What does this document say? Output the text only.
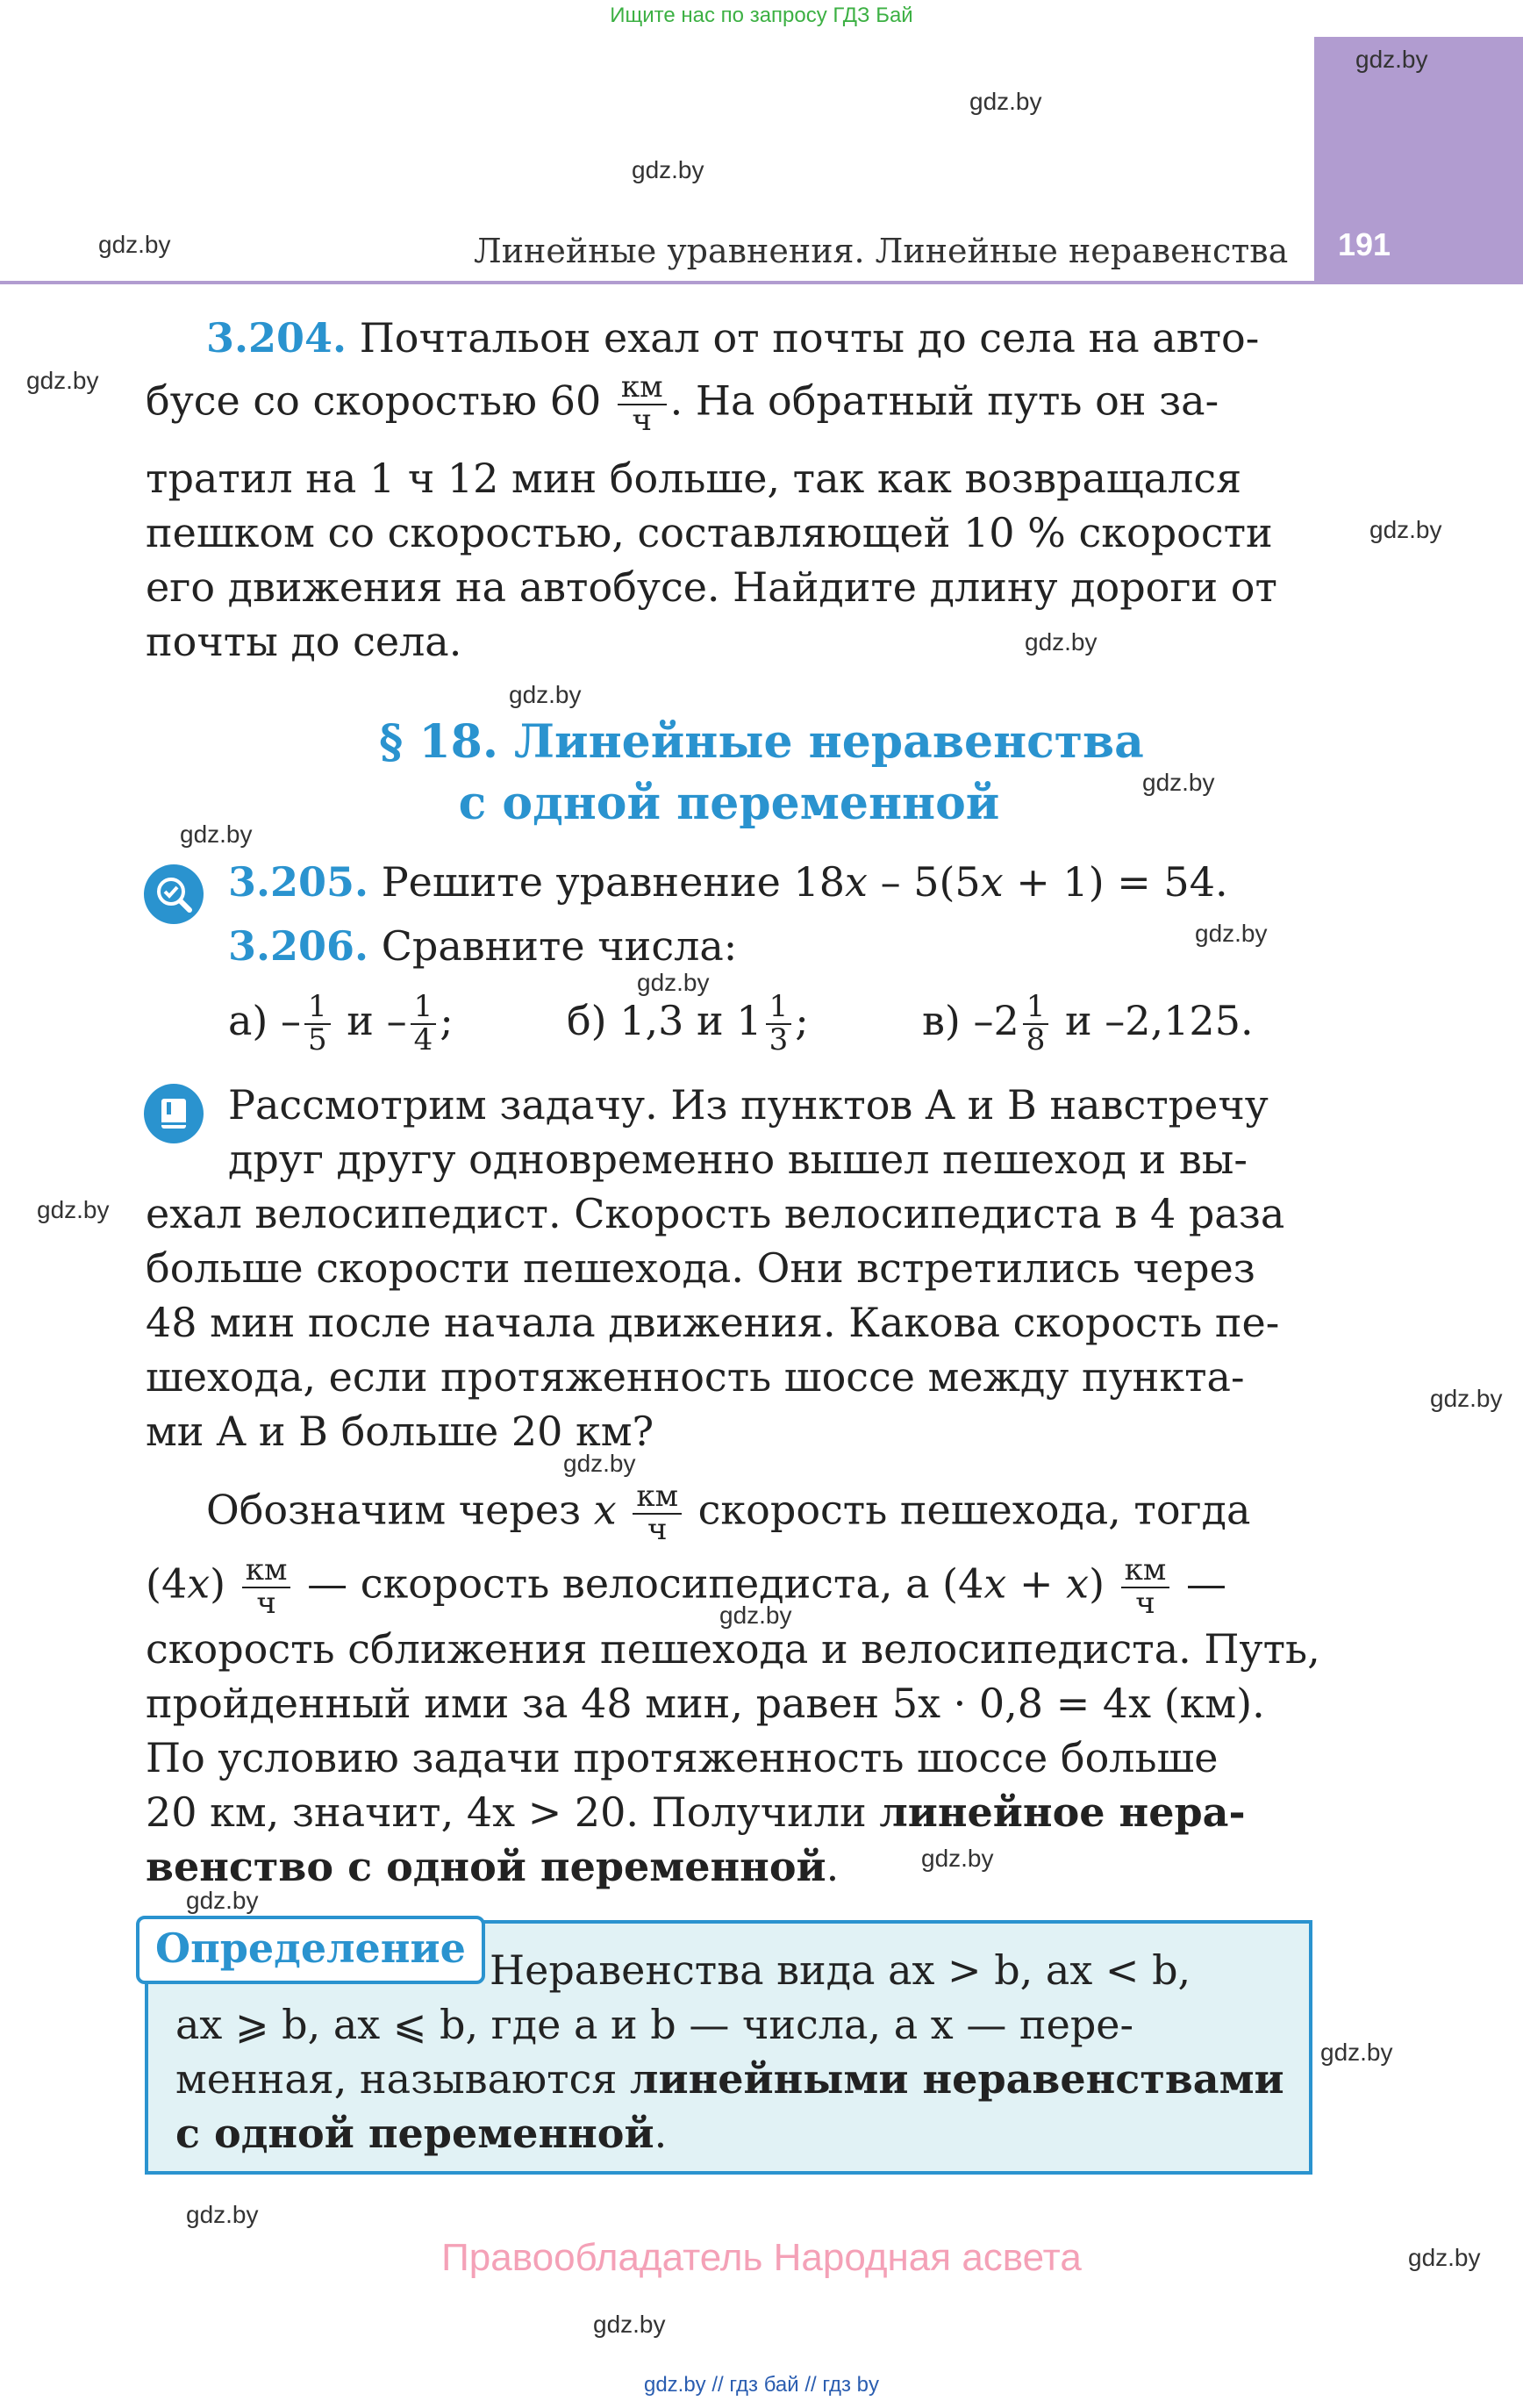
Ищите нас по запросу ГДЗ Бай
191
Линейные уравнения. Линейные неравенства
gdz.by
gdz.by
gdz.by
gdz.by
gdz.by
gdz.by
gdz.by
gdz.by
gdz.by
gdz.by
gdz.by
gdz.by
gdz.by
gdz.by
gdz.by
gdz.by
gdz.by
gdz.by
gdz.by
gdz.by
gdz.by
gdz.by
3.204. Почтальон ехал от почты до села на авто-
бусе со скоростью $60 \frac{км}{ч}$ . На обратный путь он за-
тратил на 1 ч 12 мин больше, так как возвращался
пешком со скоростью, составляющей 10 % скорости
его движения на автобусе. Найдите длину дороги от
почты до села.
§ 18. Линейные неравенства
с одной переменной
3.205. Решите уравнение 18x – 5(5x + 1) = 54.
3.206. Сравните числа:
$а) - \frac{1}{5}$ и – $\frac{1}{4}$ ;	б) 1,3 и $1 \frac{1}{3}$ ;	в) $-2 \frac{1}{8}$ и –2,125.
Рассмотрим задачу. Из пунктов A и B навстречу
друг другу одновременно вышел пешеход и вы-
ехал велосипедист. Скорость велосипедиста в 4 раза
больше скорости пешехода. Они встретились через
48 мин после начала движения. Какова скорость пе-
шехода, если протяженность шоссе между пункта-
ми A и B больше 20 км?
Обозначим через x $\frac{км}{ч}$ скорость пешехода, тогда
$(4x) \frac{км}{ч}$ — скорость велосипедиста, а $(4x + x) \frac{км}{ч}$ —
скорость сближения пешехода и велосипедиста. Путь,
пройденный ими за 48 мин, равен 5x · 0,8 = 4x (км).
По условию задачи протяженность шоссе больше
20 км, значит, 4x > 20. Получили линейное нера-
венство с одной переменной.
Определение Неравенства вида ax > b, ax < b,
ax ⩾ b, ax ⩽ b, где a и b — числа, а x — пере-
менная, называются линейными неравенствами
с одной переменной.
Правообладатель Народная асвета
gdz.by // гдз бай // гдз by
